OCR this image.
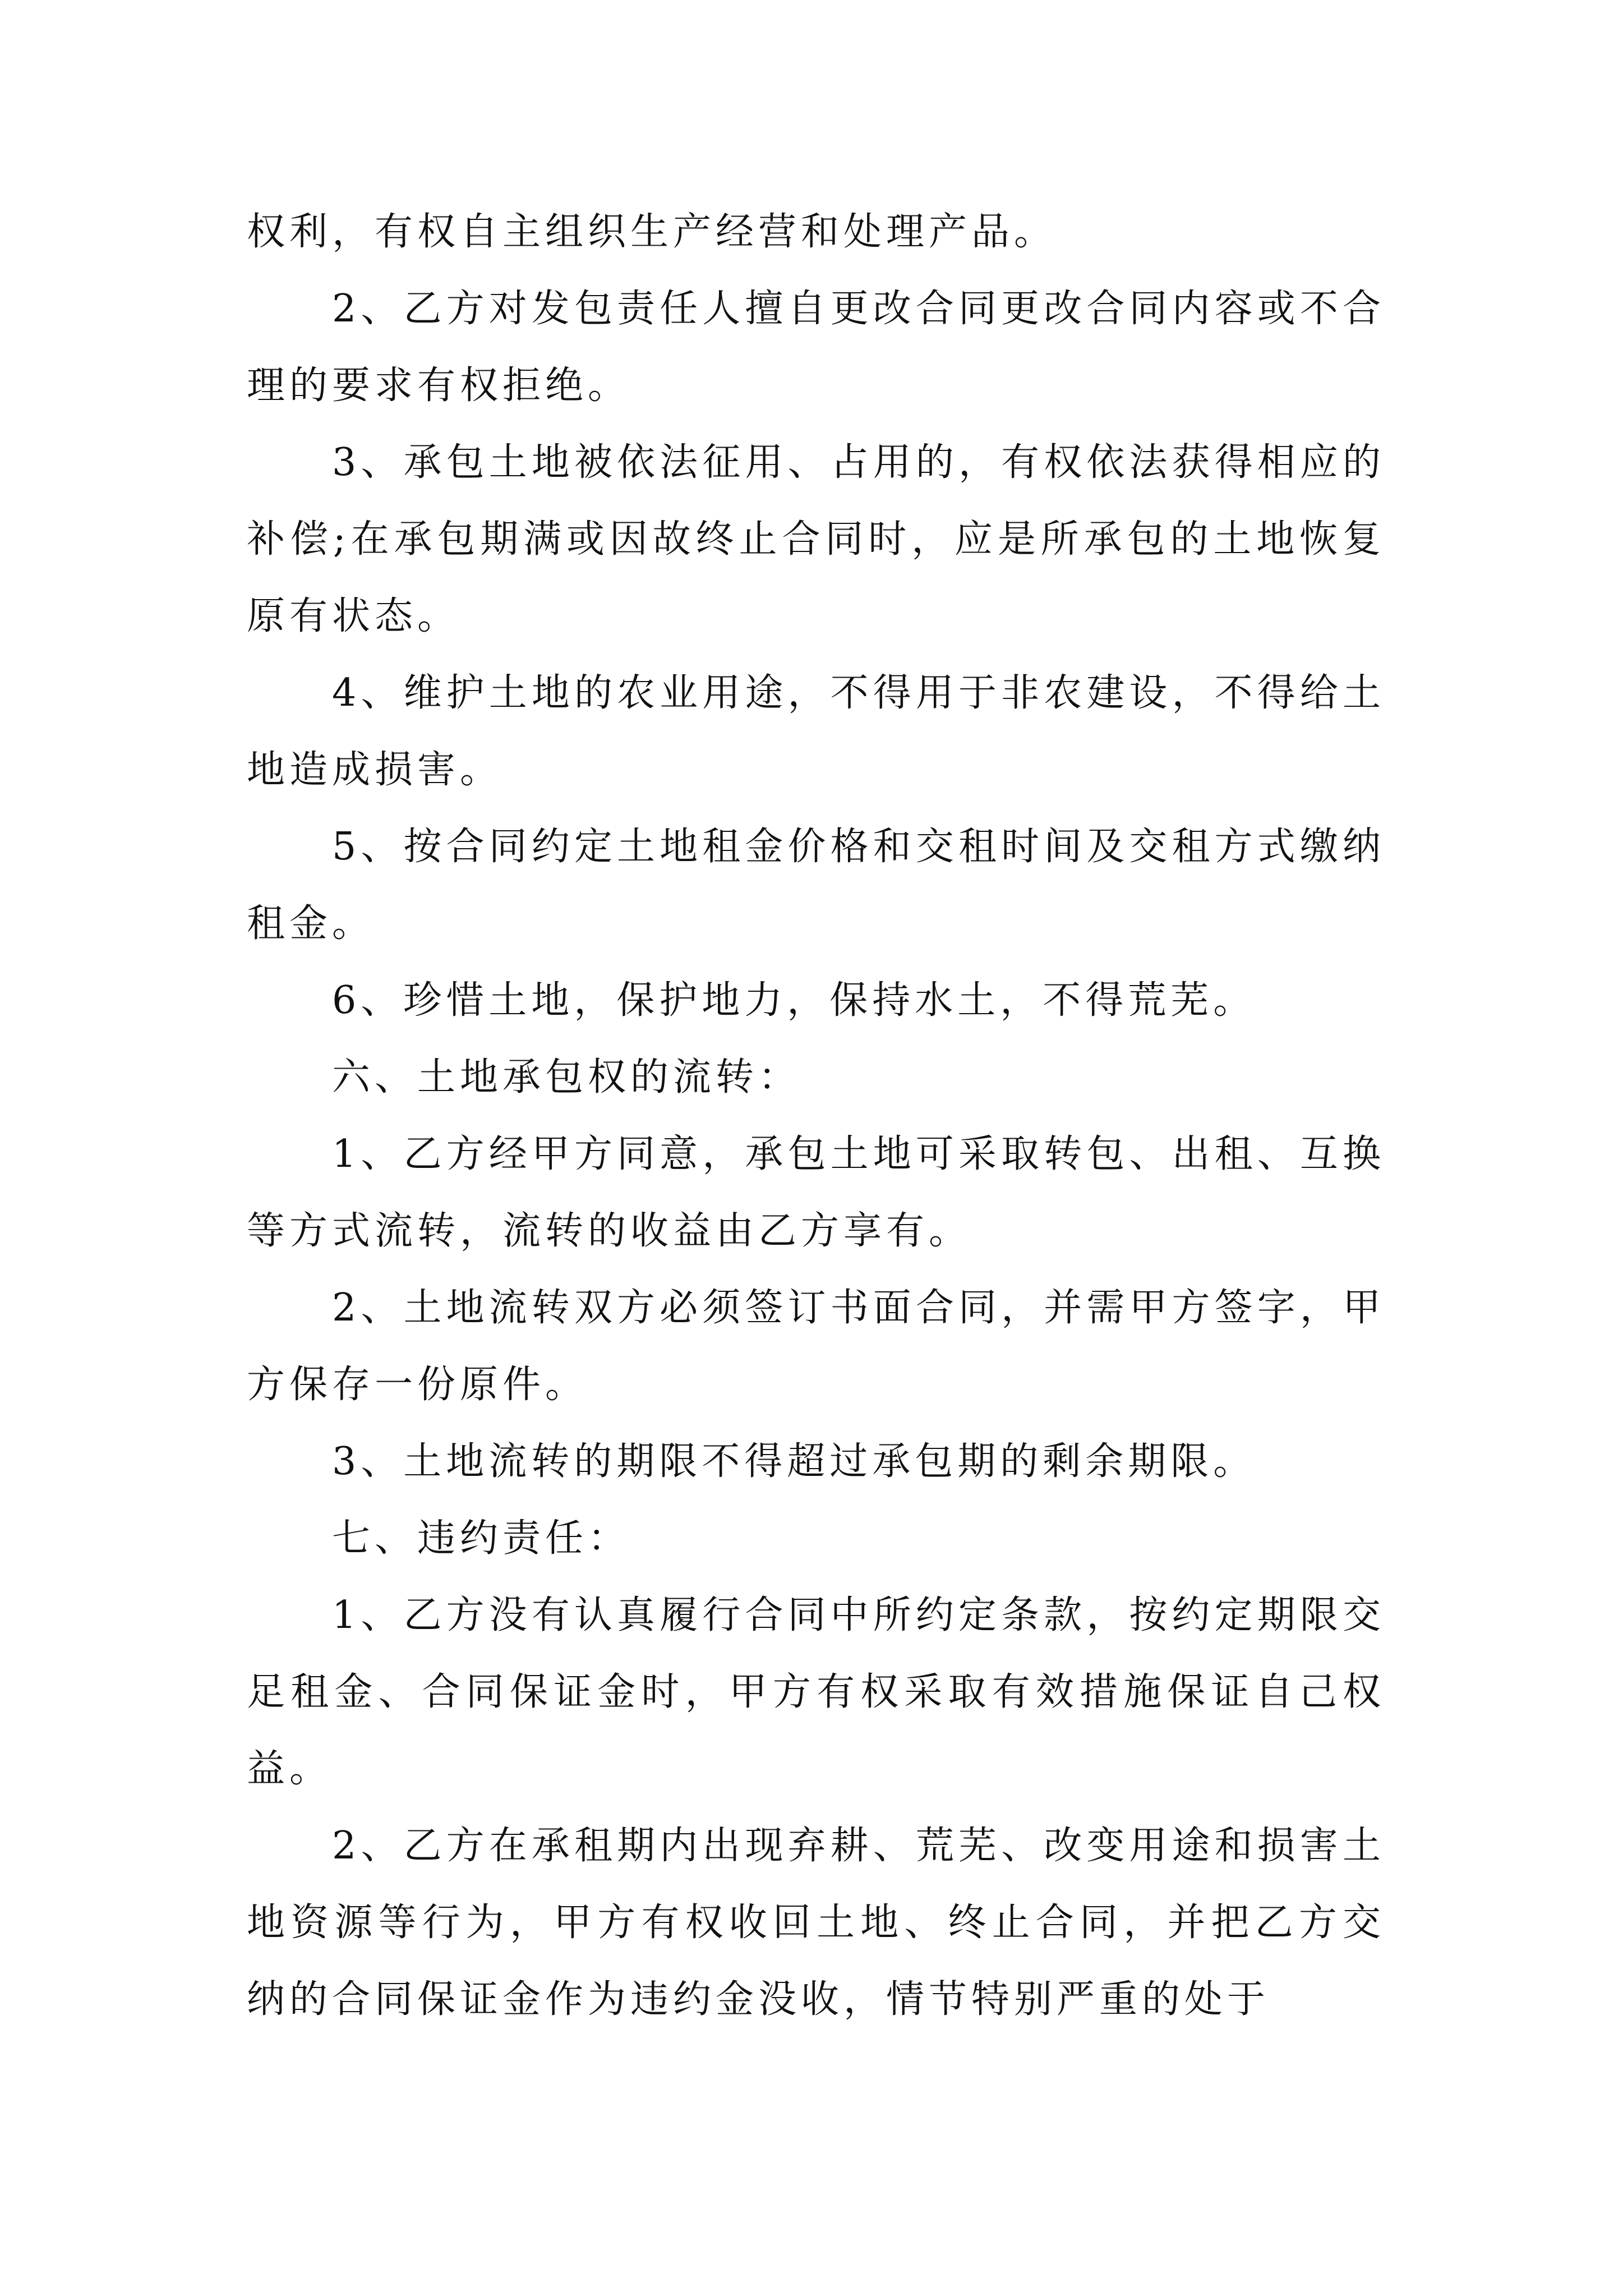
权利，有权自主组织生产经营和处理产品。

2、乙方对发包责任人擅自更改合同更改合同内容或不合理的要求有权拒绝。

3、承包土地被依法征用、占用的，有权依法获得相应的补偿;在承包期满或因故终止合同时，应是所承包的土地恢复原有状态。

4、维护土地的农业用途，不得用于非农建设，不得给土地造成损害。

5、按合同约定土地租金价格和交租时间及交租方式缴纳租金。

6、珍惜土地，保护地力，保持水土，不得荒芜。

六、土地承包权的流转：

1、乙方经甲方同意，承包土地可采取转包、出租、互换等方式流转，流转的收益由乙方享有。

2、土地流转双方必须签订书面合同，并需甲方签字，甲方保存一份原件。

3、土地流转的期限不得超过承包期的剩余期限。

七、违约责任：

1、乙方没有认真履行合同中所约定条款，按约定期限交足租金、合同保证金时，甲方有权采取有效措施保证自己权益。

2、乙方在承租期内出现弃耕、荒芜、改变用途和损害土地资源等行为，甲方有权收回土地、终止合同，并把乙方交纳的合同保证金作为违约金没收，情节特别严重的处于
